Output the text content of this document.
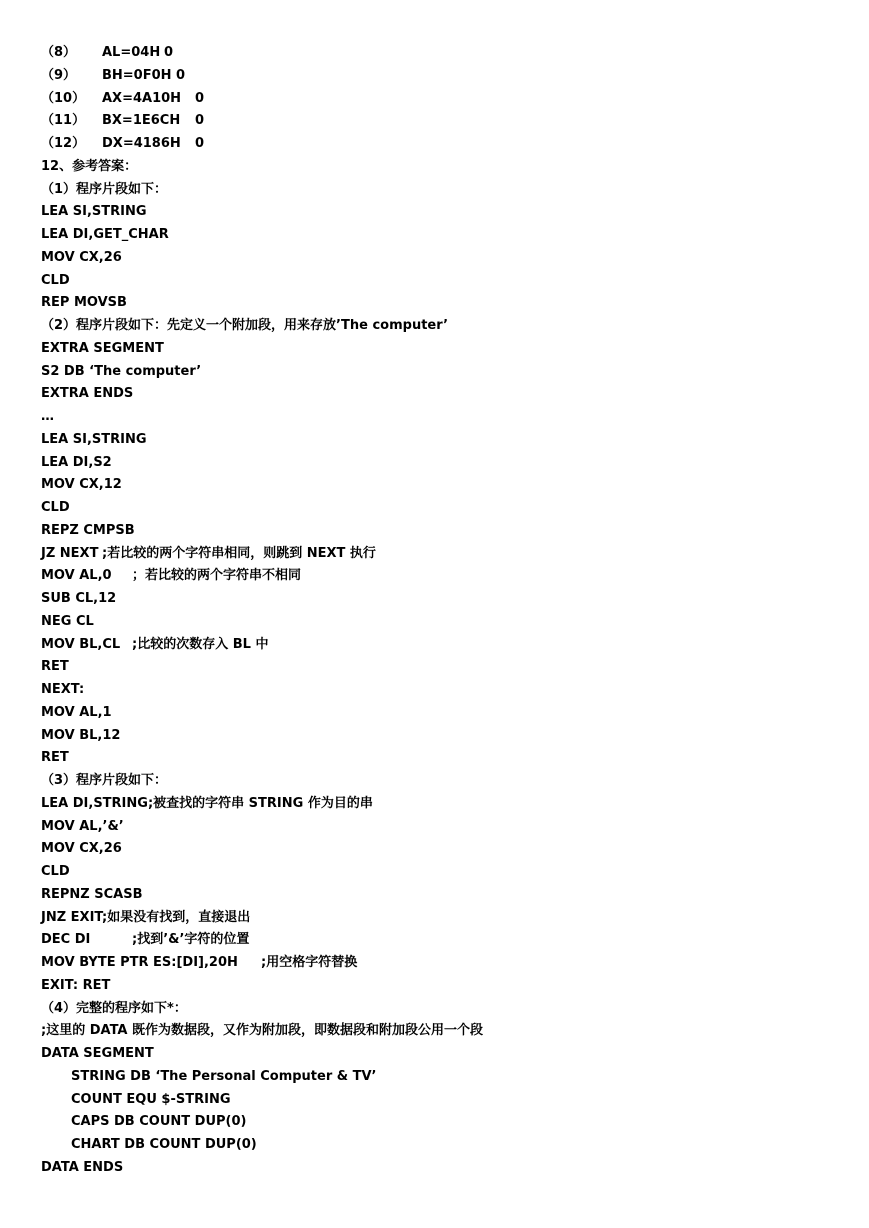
（8） AL=04H 0
（9） BH=0F0H 0
（10） AX=4A10H 0
（11） BX=1E6CH 0
（12） DX=4186H 0
12、参考答案：
（1）程序片段如下：
LEA SI,STRING
LEA DI,GET_CHAR
MOV CX,26
CLD
REP MOVSB
（2）程序片段如下：先定义一个附加段，用来存放’The computer’
EXTRA SEGMENT
S2 DB ‘The computer’
EXTRA ENDS
…
LEA SI,STRING
LEA DI,S2
MOV CX,12
CLD
REPZ CMPSB
JZ NEXT ;若比较的两个字符串相同，则跳到 NEXT 执行
MOV AL,0 ；若比较的两个字符串不相同
SUB CL,12
NEG CL
MOV BL,CL ;比较的次数存入 BL 中
RET
NEXT:
MOV AL,1
MOV BL,12
RET
（3）程序片段如下：
LEA DI,STRING;被查找的字符串 STRING 作为目的串
MOV AL,’&’
MOV CX,26
CLD
REPNZ SCASB
JNZ EXIT;如果没有找到，直接退出
DEC DI	;找到’&’字符的位置
MOV BYTE PTR ES:[DI],20H ;用空格字符替换
EXIT: RET
（4）完整的程序如下*：
;这里的 DATA 既作为数据段，又作为附加段，即数据段和附加段公用一个段
DATA SEGMENT
STRING DB ‘The Personal Computer & TV’
COUNT EQU $-STRING
CAPS DB COUNT DUP(0)
CHART DB COUNT DUP(0)
DATA ENDS
